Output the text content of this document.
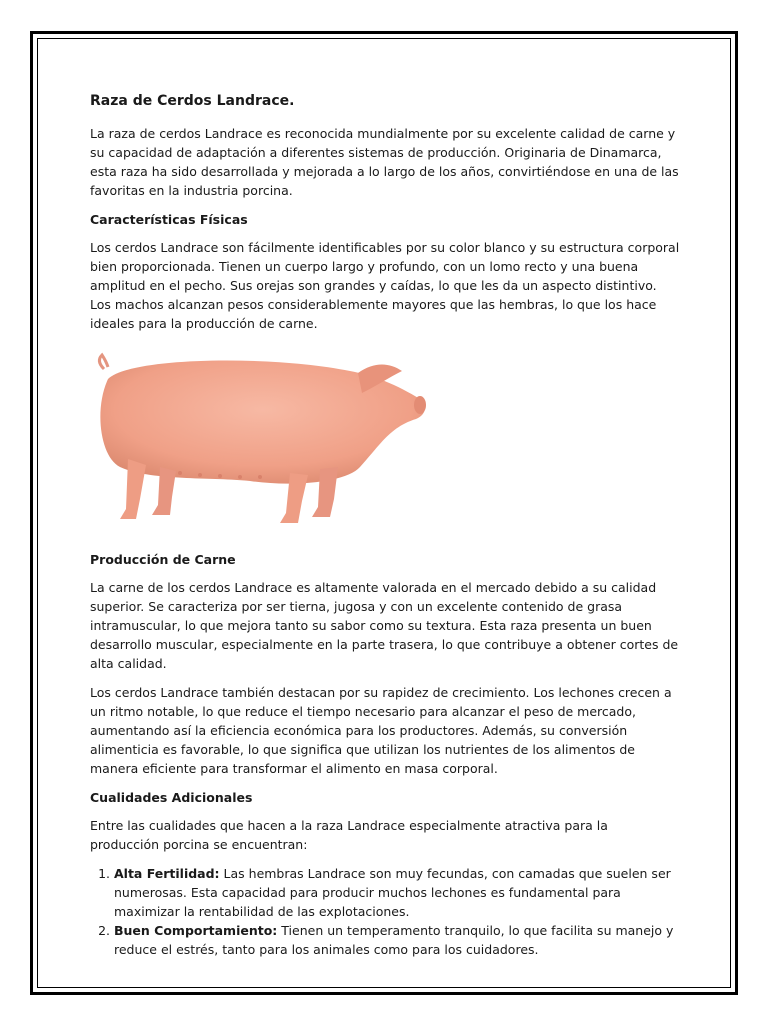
Raza de Cerdos Landrace.

La raza de cerdos Landrace es reconocida mundialmente por su excelente calidad de carne y su capacidad de adaptación a diferentes sistemas de producción. Originaria de Dinamarca, esta raza ha sido desarrollada y mejorada a lo largo de los años, convirtiéndose en una de las favoritas en la industria porcina.

Características Físicas

Los cerdos Landrace son fácilmente identificables por su color blanco y su estructura corporal bien proporcionada. Tienen un cuerpo largo y profundo, con un lomo recto y una buena amplitud en el pecho. Sus orejas son grandes y caídas, lo que les da un aspecto distintivo. Los machos alcanzan pesos considerablemente mayores que las hembras, lo que los hace ideales para la producción de carne.

Producción de Carne

La carne de los cerdos Landrace es altamente valorada en el mercado debido a su calidad superior. Se caracteriza por ser tierna, jugosa y con un excelente contenido de grasa intramuscular, lo que mejora tanto su sabor como su textura. Esta raza presenta un buen desarrollo muscular, especialmente en la parte trasera, lo que contribuye a obtener cortes de alta calidad.

Los cerdos Landrace también destacan por su rapidez de crecimiento. Los lechones crecen a un ritmo notable, lo que reduce el tiempo necesario para alcanzar el peso de mercado, aumentando así la eficiencia económica para los productores. Además, su conversión alimenticia es favorable, lo que significa que utilizan los nutrientes de los alimentos de manera eficiente para transformar el alimento en masa corporal.

Cualidades Adicionales

Entre las cualidades que hacen a la raza Landrace especialmente atractiva para la producción porcina se encuentran:

1. Alta Fertilidad: Las hembras Landrace son muy fecundas, con camadas que suelen ser numerosas. Esta capacidad para producir muchos lechones es fundamental para maximizar la rentabilidad de las explotaciones.
2. Buen Comportamiento: Tienen un temperamento tranquilo, lo que facilita su manejo y reduce el estrés, tanto para los animales como para los cuidadores.
